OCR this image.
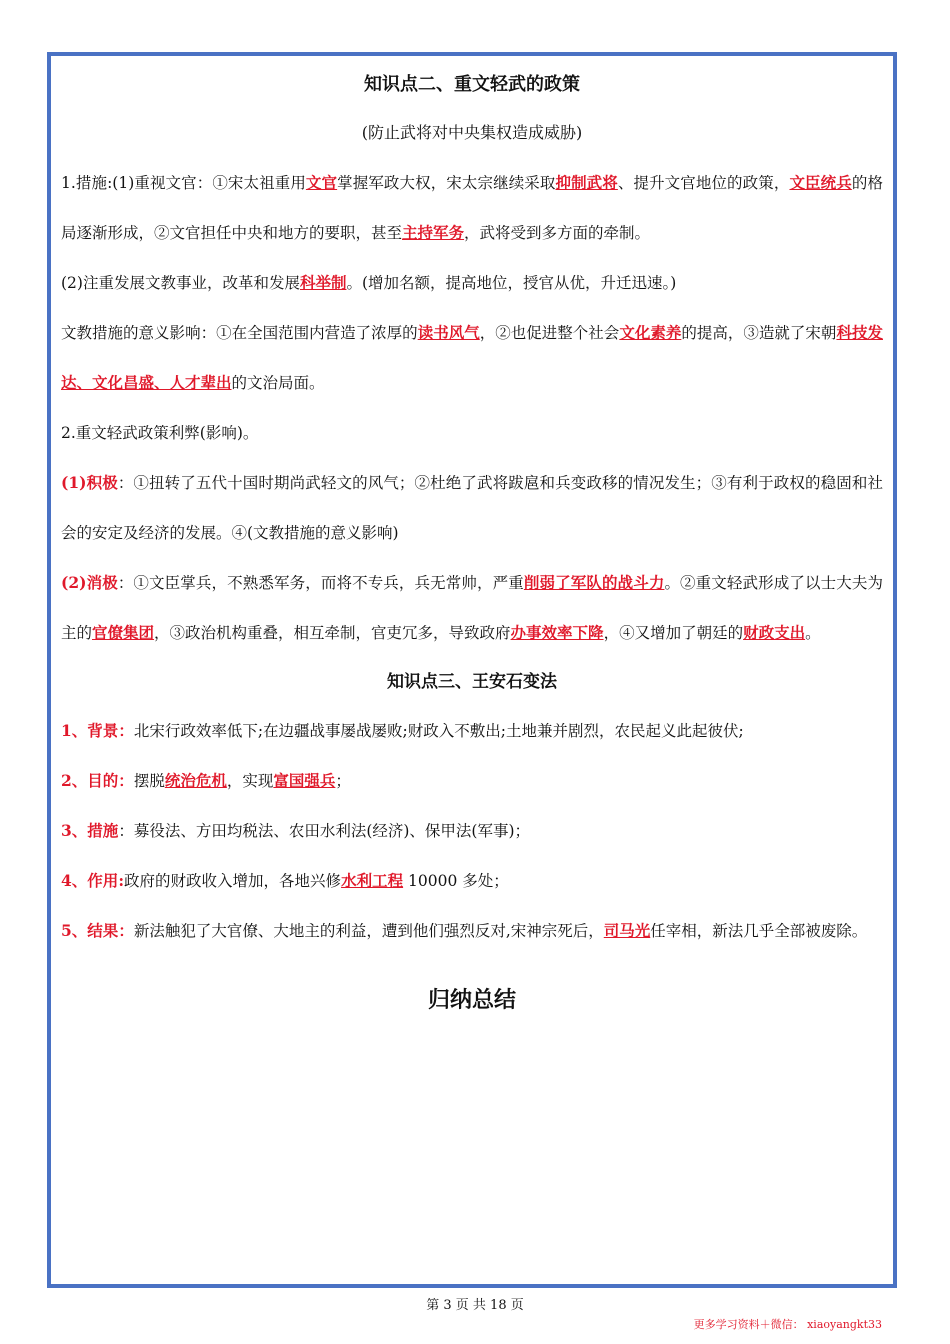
知识点二、重文轻武的政策
(防止武将对中央集权造成威胁)
1.措施:(1)重视文官：①宋太祖重用文官掌握军政大权，宋太宗继续采取抑制武将、提升文官地位的政策，文臣统兵的格局逐渐形成，②文官担任中央和地方的要职，甚至主持军务，武将受到多方面的牵制。
(2)注重发展文教事业，改革和发展科举制。(增加名额，提高地位，授官从优，升迁迅速。)
文教措施的意义影响：①在全国范围内营造了浓厚的读书风气，②也促进整个社会文化素养的提高，③造就了宋朝科技发达、文化昌盛、人才辈出的文治局面。
2.重文轻武政策利弊(影响)。
(1)积极：①扭转了五代十国时期尚武轻文的风气；②杜绝了武将跋扈和兵变政移的情况发生；③有利于政权的稳固和社会的安定及经济的发展。④(文教措施的意义影响)
(2)消极：①文臣掌兵，不熟悉军务，而将不专兵，兵无常帅，严重削弱了军队的战斗力。②重文轻武形成了以士大夫为主的官僚集团，③政治机构重叠，相互牵制，官吏冗多，导致政府办事效率下降，④又增加了朝廷的财政支出。
知识点三、王安石变法
1、背景：北宋行政效率低下;在边疆战事屡战屡败;财政入不敷出;土地兼并剧烈，农民起义此起彼伏;
2、目的：摆脱统治危机，实现富国强兵；
3、措施：募役法、方田均税法、农田水利法(经济)、保甲法(军事)；
4、作用:政府的财政收入增加，各地兴修水利工程 10000 多处；
5、结果：新法触犯了大官僚、大地主的利益，遭到他们强烈反对,宋神宗死后，司马光任宰相，新法几乎全部被废除。
归纳总结
第 3 页 共 18 页
更多学习资料＋微信： xiaoyangkt33
